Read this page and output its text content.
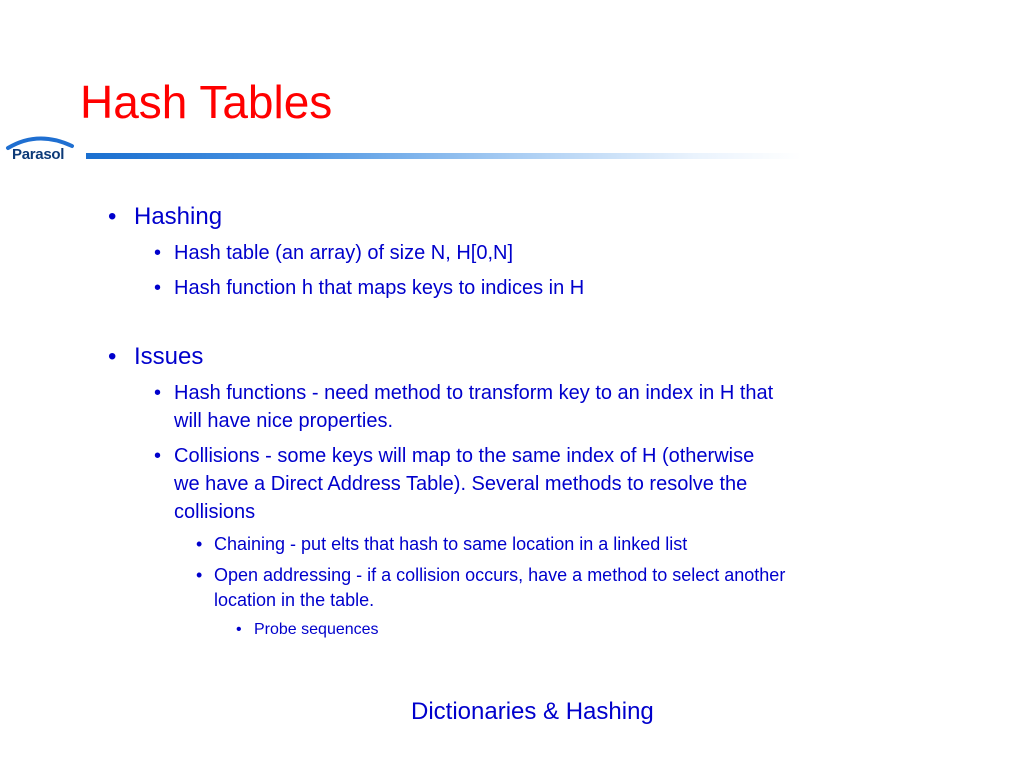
Hash Tables
Parasol
• Hashing
• Hash table (an array) of size N, H[0,N]
• Hash function h that maps keys to indices in H
• Issues
• Hash functions - need method to transform key to an index in H that
will have nice properties.
• Collisions - some keys will map to the same index of H (otherwise
we have a Direct Address Table). Several methods to resolve the
collisions
• Chaining - put elts that hash to same location in a linked list
• Open addressing - if a collision occurs, have a method to select another
location in the table.
• Probe sequences
Dictionaries & Hashing
